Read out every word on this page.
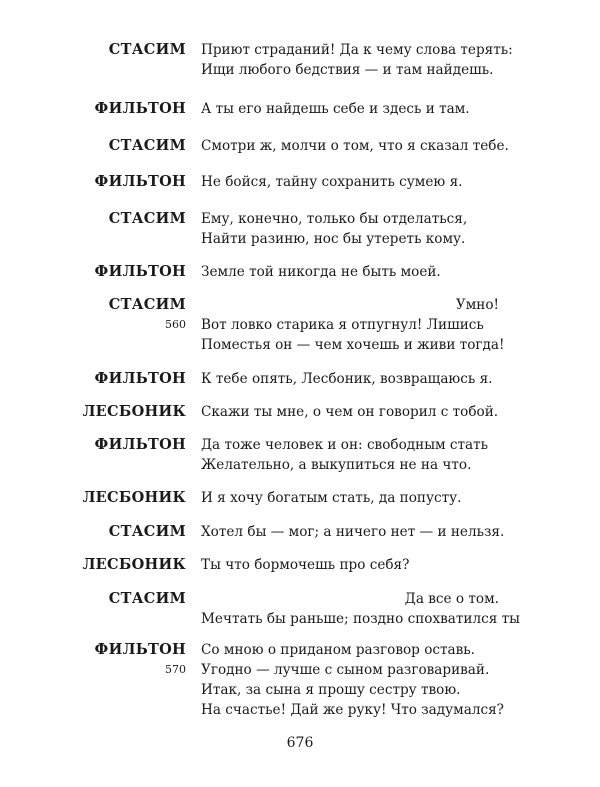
СТАСИМ Приют страданий! Да к чему слова терять:
Ищи любого бедствия — и там найдешь.
ФИЛЬТОН А ты его найдешь себе и здесь и там.
СТАСИМ Смотри ж, молчи о том, что я сказал тебе.
ФИЛЬТОН Не бойся, тайну сохранить сумею я.
СТАСИМ Ему, конечно, только бы отделаться,
Найти разиню, нос бы утереть кому.
ФИЛЬТОН Земле той никогда не быть моей.
СТАСИМ	Умно!
560 Вот ловко старика я отпугнул! Лишись
Поместья он — чем хочешь и живи тогда!
ФИЛЬТОН К тебе опять, Лесбоник, возвращаюсь я.
ЛЕСБОНИК Скажи ты мне, о чем он говорил с тобой.
ФИЛЬТОН Да тоже человек и он: свободным стать
Желательно, а выкупиться не на что.
ЛЕСБОНИК И я хочу богатым стать, да попусту.
СТАСИМ Хотел бы — мог; а ничего нет — и нельзя.
ЛЕСБОНИК Ты что бормочешь про себя?
СТАСИМ	Да все о том.
Мечтать бы раньше; поздно спохватился ты
ФИЛЬТОН
570
Со мною о приданом разговор оставь.
Угодно — лучше с сыном разговаривай.
Итак, за сына я прошу сестру твою.
На счастье! Дай же руку! Что задумался?
676
